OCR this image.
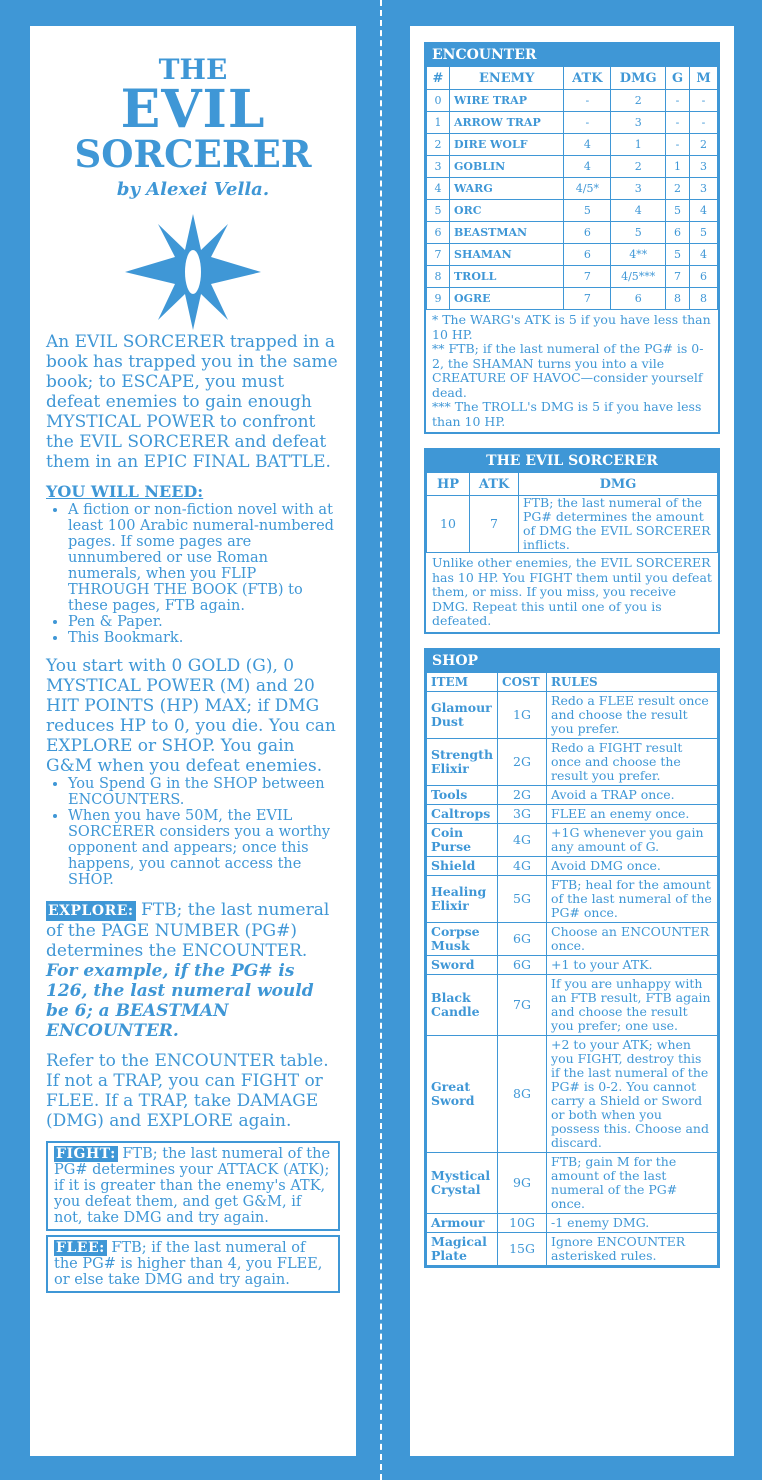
THE
EVIL
SORCERER
by Alexei Vella.

An EVIL SORCERER trapped in a book has trapped you in the same book; to ESCAPE, you must defeat enemies to gain enough MYSTICAL POWER to confront the EVIL SORCERER and defeat them in an EPIC FINAL BATTLE.

YOU WILL NEED:
• A fiction or non-fiction novel with at least 100 Arabic numeral-numbered pages. If some pages are unnumbered or use Roman numerals, when you FLIP THROUGH THE BOOK (FTB) to these pages, FTB again.
• Pen & Paper.
• This Bookmark.

You start with 0 GOLD (G), 0 MYSTICAL POWER (M) and 20 HIT POINTS (HP) MAX; if DMG reduces HP to 0, you die. You can EXPLORE or SHOP. You gain G&M when you defeat enemies.

• You Spend G in the SHOP between ENCOUNTERS.
• When you have 50M, the EVIL SORCERER considers you a worthy opponent and appears; once this happens, you cannot access the SHOP.

EXPLORE: FTB; the last numeral of the PAGE NUMBER (PG#) determines the ENCOUNTER.
For example, if the PG# is 126, the last numeral would be 6; a BEASTMAN ENCOUNTER.

Refer to the ENCOUNTER table. If not a TRAP, you can FIGHT or FLEE. If a TRAP, take DAMAGE (DMG) and EXPLORE again.

FIGHT: FTB; the last numeral of the PG# determines your ATTACK (ATK); if it is greater than the enemy's ATK, you defeat them, and get G&M, if not, take DMG and try again.
FLEE: FTB; if the last numeral of the PG# is higher than 4, you FLEE, or else take DMG and try again.
ENCOUNTER
#	ENEMY	ATK	DMG	G	M
0	WIRE TRAP	-	2	-	-
1	ARROW TRAP	-	3	-	-
2	DIRE WOLF	4	1	-	2
3	GOBLIN	4	2	1	3
4	WARG	4/5*	3	2	3
5	ORC	5	4	5	4
6	BEASTMAN	6	5	6	5
7	SHAMAN	6	4**	5	4
8	TROLL	7	4/5***	7	6
9	OGRE	7	6	8	8
* The WARG's ATK is 5 if you have less than 10 HP.
** FTB; if the last numeral of the PG# is 0-2, the SHAMAN turns you into a vile CREATURE OF HAVOC—consider yourself dead.
*** The TROLL's DMG is 5 if you have less than 10 HP.
THE EVIL SORCERER
HP	ATK	DMG
10	7	FTB; the last numeral of the PG# determines the amount of DMG the EVIL SORCERER inflicts.
Unlike other enemies, the EVIL SORCERER has 10 HP. You FIGHT them until you defeat them, or miss. If you miss, you receive DMG. Repeat this until one of you is defeated.
SHOP
ITEM	COST	RULES
Glamour Dust	1G	Redo a FLEE result once and choose the result you prefer.
Strength Elixir	2G	Redo a FIGHT result once and choose the result you prefer.
Tools	2G	Avoid a TRAP once.
Caltrops	3G	FLEE an enemy once.
Coin Purse	4G	+1G whenever you gain any amount of G.
Shield	4G	Avoid DMG once.
Healing Elixir	5G	FTB; heal for the amount of the last numeral of the PG# once.
Corpse Musk	6G	Choose an ENCOUNTER once.
Sword	6G	+1 to your ATK.
Black Candle	7G	If you are unhappy with an FTB result, FTB again and choose the result you prefer; one use.
Great Sword	8G	+2 to your ATK; when you FIGHT, destroy this if the last numeral of the PG# is 0-2. You cannot carry a Shield or Sword or both when you possess this. Choose and discard.
Mystical Crystal	9G	FTB; gain M for the amount of the last numeral of the PG# once.
Armour	10G	-1 enemy DMG.
Magical Plate	15G	Ignore ENCOUNTER asterisked rules.
